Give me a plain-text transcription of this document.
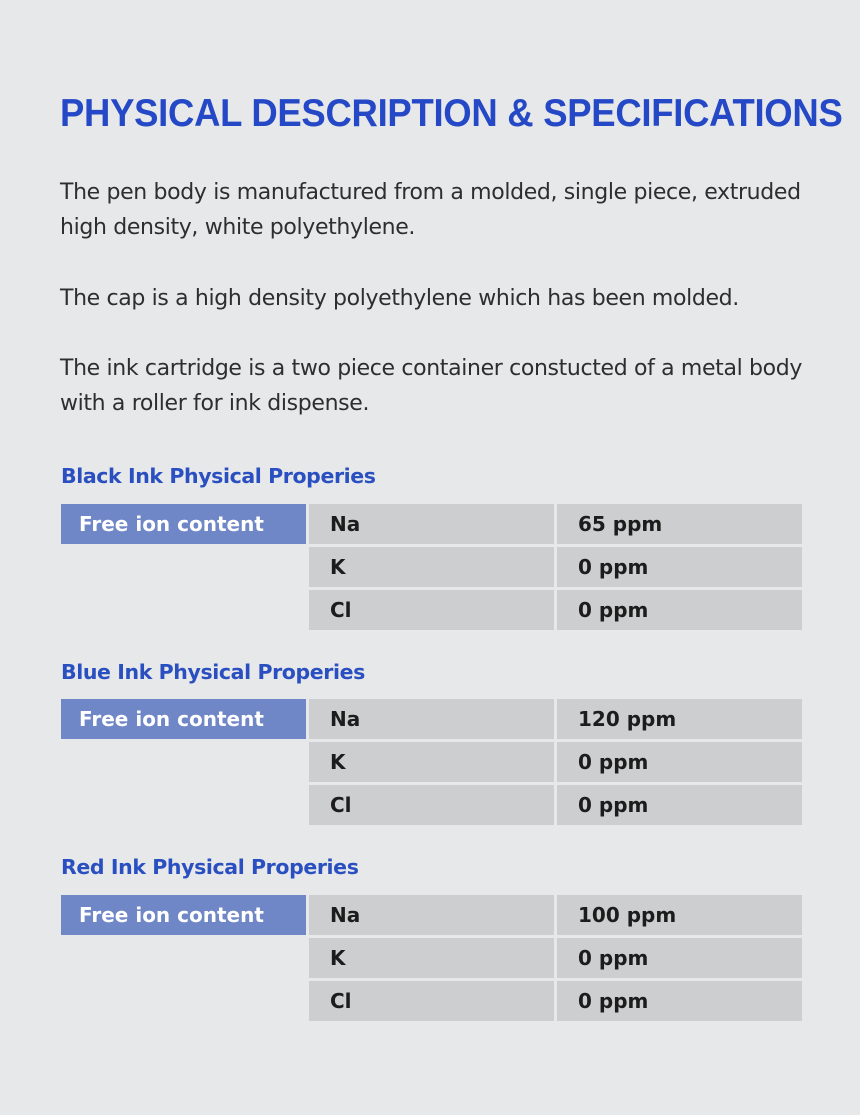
PHYSICAL DESCRIPTION & SPECIFICATIONS

The pen body is manufactured from a molded, single piece, extruded high density, white polyethylene.

The cap is a high density polyethylene which has been molded.

The ink cartridge is a two piece container constucted of a metal body with a roller for ink dispense.

Black Ink Physical Properies
Free ion content	Na	65 ppm
	K	0 ppm
	Cl	0 ppm
Blue Ink Physical Properies
Free ion content	Na	120 ppm
	K	0 ppm
	Cl	0 ppm
Red Ink Physical Properies
Free ion content	Na	100 ppm
	K	0 ppm
	Cl	0 ppm
